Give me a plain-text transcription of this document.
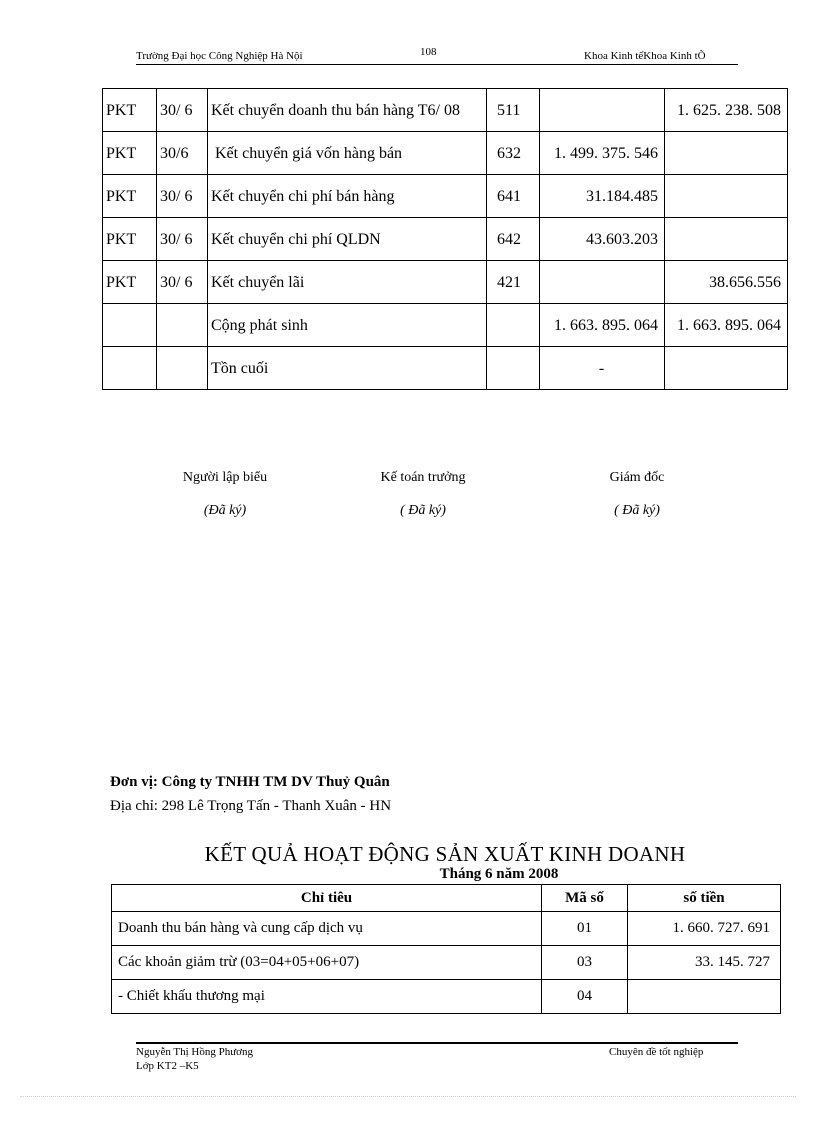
Trường Đại học Công Nghiệp Hà Nội	108	Khoa Kinh tếKhoa Kinh tÕ
PKT	30/ 6	Kết chuyển doanh thu bán hàng T6/ 08	511		1. 625. 238. 508
PKT	30/6	Kết chuyển giá vốn hàng bán	632	1. 499. 375. 546	
PKT	30/ 6	Kết chuyển chi phí bán hàng	641	31.184.485	
PKT	30/ 6	Kết chuyển chi phí QLDN	642	43.603.203	
PKT	30/ 6	Kết chuyển lãi	421		38.656.556
		Cộng phát sinh		1. 663. 895. 064	1. 663. 895. 064
		Tồn cuối		-	
Người lập biểu
(Đã ký)
Kế toán trưởng
( Đã ký)
Giám đốc
( Đã ký)
Đơn vị: Công ty TNHH TM DV Thuỷ Quân
Địa chỉ: 298 Lê Trọng Tấn - Thanh Xuân - HN
KẾT QUẢ HOẠT ĐỘNG SẢN XUẤT KINH DOANH
Tháng 6 năm 2008
Chỉ tiêu	Mã số	số tiền
Doanh thu bán hàng và cung cấp dịch vụ	01	1. 660. 727. 691
Các khoản giảm trừ (03=04+05+06+07)	03	33. 145. 727
- Chiết khấu thương mại	04	
Nguyễn Thị Hồng Phương
Lớp KT2 –K5
Chuyên đề tốt nghiệp
